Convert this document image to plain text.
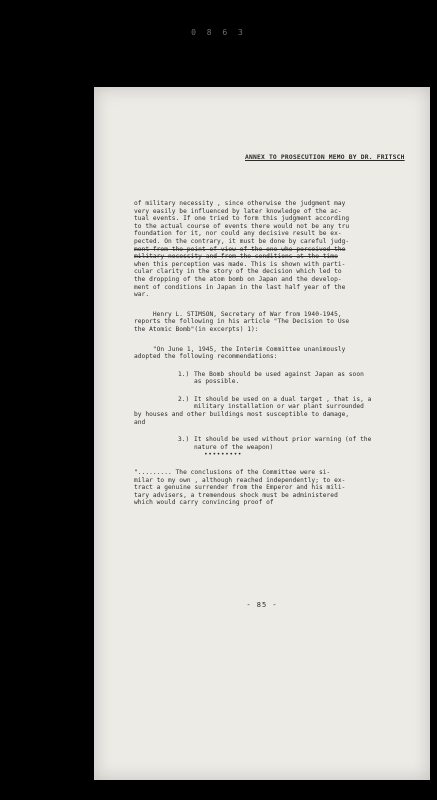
0 8 6 3
ANNEX TO PROSECUTION MEMO BY DR. FRITSCH

of military necessity , since otherwise the judgment may
very easily be influenced by later knowledge of the ac-
tual events. If one tried to form this judgment according
to the actual course of events there would not be any tru
foundation for it, nor could any decisive result be ex-
pected. On the contrary, it must be done by careful judg-
ment from the point of view of the one who perceived the
military necessity and from the conditions at the time
when this perception was made. This is shown with parti-
cular clarity in the story of the decision which led to
the dropping of the atom bomb on Japan and the develop-
ment of conditions in Japan in the last half year of the
war.

Henry L. STIMSON, Secretary of War from 1940-1945,
reports the following in his article "The Decision to Use
the Atomic Bomb"(in excerpts) 1):

"On June 1, 1945, the Interim Committee unanimously
adopted the following recommendations:

1.) The Bomb should be used against Japan as soon
as possible.
2.) It should be used on a dual target , that is, a
military installation or war plant surrounded

by houses and other buildings most susceptible to damage,
and

3.) It should be used without prior warning (of the
nature of the weapon)
•••••••••

"......... The conclusions of the Committee were si-
milar to my own , although reached independently; to ex-
tract a genuine surrender from the Emperor and his mili-
tary advisers, a tremendous shock must be administered
which would carry convincing proof of

- 85 -
